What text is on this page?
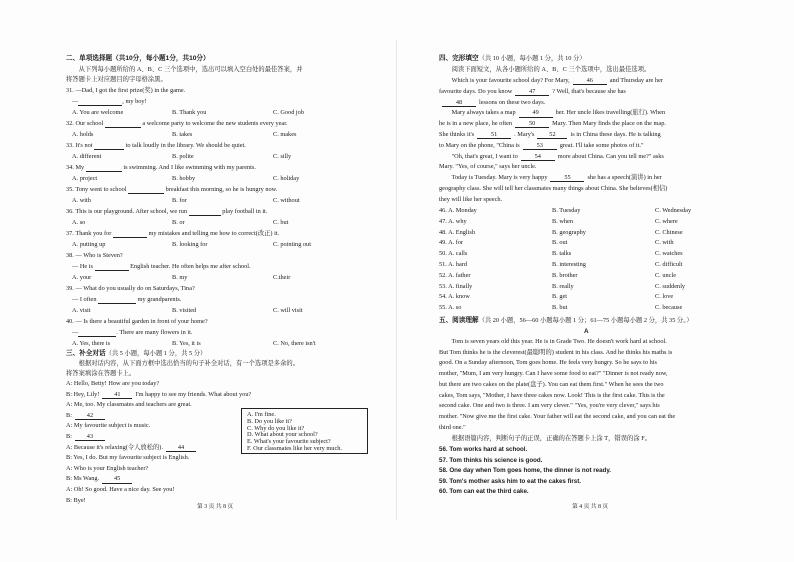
二、单项选择题（共10分，每小题1分，共10分）
　　从下列每小题所给的 A、B、C 三个选项中，选出可以填入空白处的最佳答案，并
将答题卡上对应题目的字母格涂黑。
31. —Dad, I got the first prize(奖) in the game.
—	, my boy!
A. You are welcome	B. Thank you	C. Good job
32. Our school	a welcome party to welcome the new students every year.
A. holds	B. takes	C. makes
33. It's not	to talk loudly in the library. We should be quiet.
A. different	B. polite	C. silly
34. My	is swimming. And I like swimming with my parents.
A. project	B. hobby	C. holiday
35. Tony went to school	breakfast this morning, so he is hungry now.
A. with	B. for	C. without
36. This is our playground. After school, we run	play football in it.
A. so	B. or	C. but
37. Thank you for	my mistakes and telling me how to correct(改正) it.
A. putting up	B. looking for	C. pointing out
38. — Who is Steven?
— He is	English teacher. He often helps me after school.
A. your	B. my	C.their
39. — What do you usually do on Saturdays, Tina?
— I often	my grandparents.
A. visit	B. visited	C. will visit
40. — Is there a beautiful garden in front of your home?
—	. There are many flowers in it.
A. Yes, there is	B. Yes, it is	C. No, there isn't
三、补全对话（共 5 小题，每小题 1 分，共 5 分）
　　根据对话内容，从下面方框中选出恰当的句子补全对话，有一个选项是多余的。
将答案填涂在答题卡上。
A: Hello, Betty! How are you today?
B: Hey, Lily! 41 I'm happy to see my friends. What about you?
A: Me, too. My classmates and teachers are great.
B: 42
A: My favourite subject is music.
B: 43
A: Because it's relaxing(令人放松的). 44
B: Yes, I do. But my favourite subject is English.
A: Who is your English teacher?
B: Ms Wang. 45
A: Oh! So good. Have a nice day. See you!
B: Bye!
A. I'm fine.
B. Do you like it?
C. Why do you like it?
D. What about your school?
E. What's your favourite subject?
F. Our classmates like her very much.
第 3 页 共 8 页
四、完形填空（共 10 小题，每小题 1 分，共 10 分）
　　阅读下面短文，从各小题所给的 A、B、C 三个选项中，选出最佳选项。
　　Which is your favourite school day? For Mary,	46	and Thursday are her
favourite days. Do you know	47	? Well, that's because she has
48	lessons on these two days.
　　Mary always takes a map	49	her. Her uncle likes travelling(旅行). When
he is in a new place, he often	50	Mary. Then Mary finds the place on the map.
She thinks it's	51	. Mary's 52 is in China these days. He is talking
to Mary on the phone, "China is	53	great. I'll take some photos of it."
　　"Oh, that's great, I want to	54	more about China. Can you tell me?" asks
Mary. "Yes, of course," says her uncle.
　　Today is Tuesday. Mary is very happy	55	she has a speech(演讲) in her
geography class. She will tell her classmates many things about China. She believes(相信)
they will like her speech.
46. A. Monday	B. Tuesday	C. Wednesday
47. A. why	B. when	C. where
48. A. English	B. geography	C. Chinese
49. A. for	B. out	C. with
50. A. calls	B. talks	C. watches
51. A. hard	B. interesting	C. difficult
52. A. father	B. brother	C. uncle
53. A. finally	B. really	C. suddenly
54. A. know	B. get	C. love
55. A. so	B. but	C. because
五、阅读理解（共 20 小题，56—60 小题每小题 1 分；61—75 小题每小题 2 分，共 35 分。）
A
　　Tom is seven years old this year. He is in Grade Two. He doesn't work hard at school.
But Tom thinks he is the cleverest(最聪明的) student in his class. And he thinks his maths is
good. On a Sunday afternoon, Tom goes home. He feels very hungry. So he says to his
mother, "Mum, I am very hungry. Can I have some food to eat?" "Dinner is not ready now,
but there are two cakes on the plate(盘子). You can eat them first." When he sees the two
cakes, Tom says, "Mother, I have three cakes now. Look! This is the first cake. This is the
second cake. One and two is three. I am very clever." "Yes, you're very clever," says his
mother. "Now give me the first cake. Your father will eat the second cake, and you can eat the
third one."
　　根据语篇内容，判断句子的正误，正确的在答题卡上涂 T，错误的涂 F。
56. Tom works hard at school.
57. Tom thinks his science is good.
58. One day when Tom goes home, the dinner is not ready.
59. Tom's mother asks him to eat the cakes first.
60. Tom can eat the third cake.
第 4 页 共 8 页
